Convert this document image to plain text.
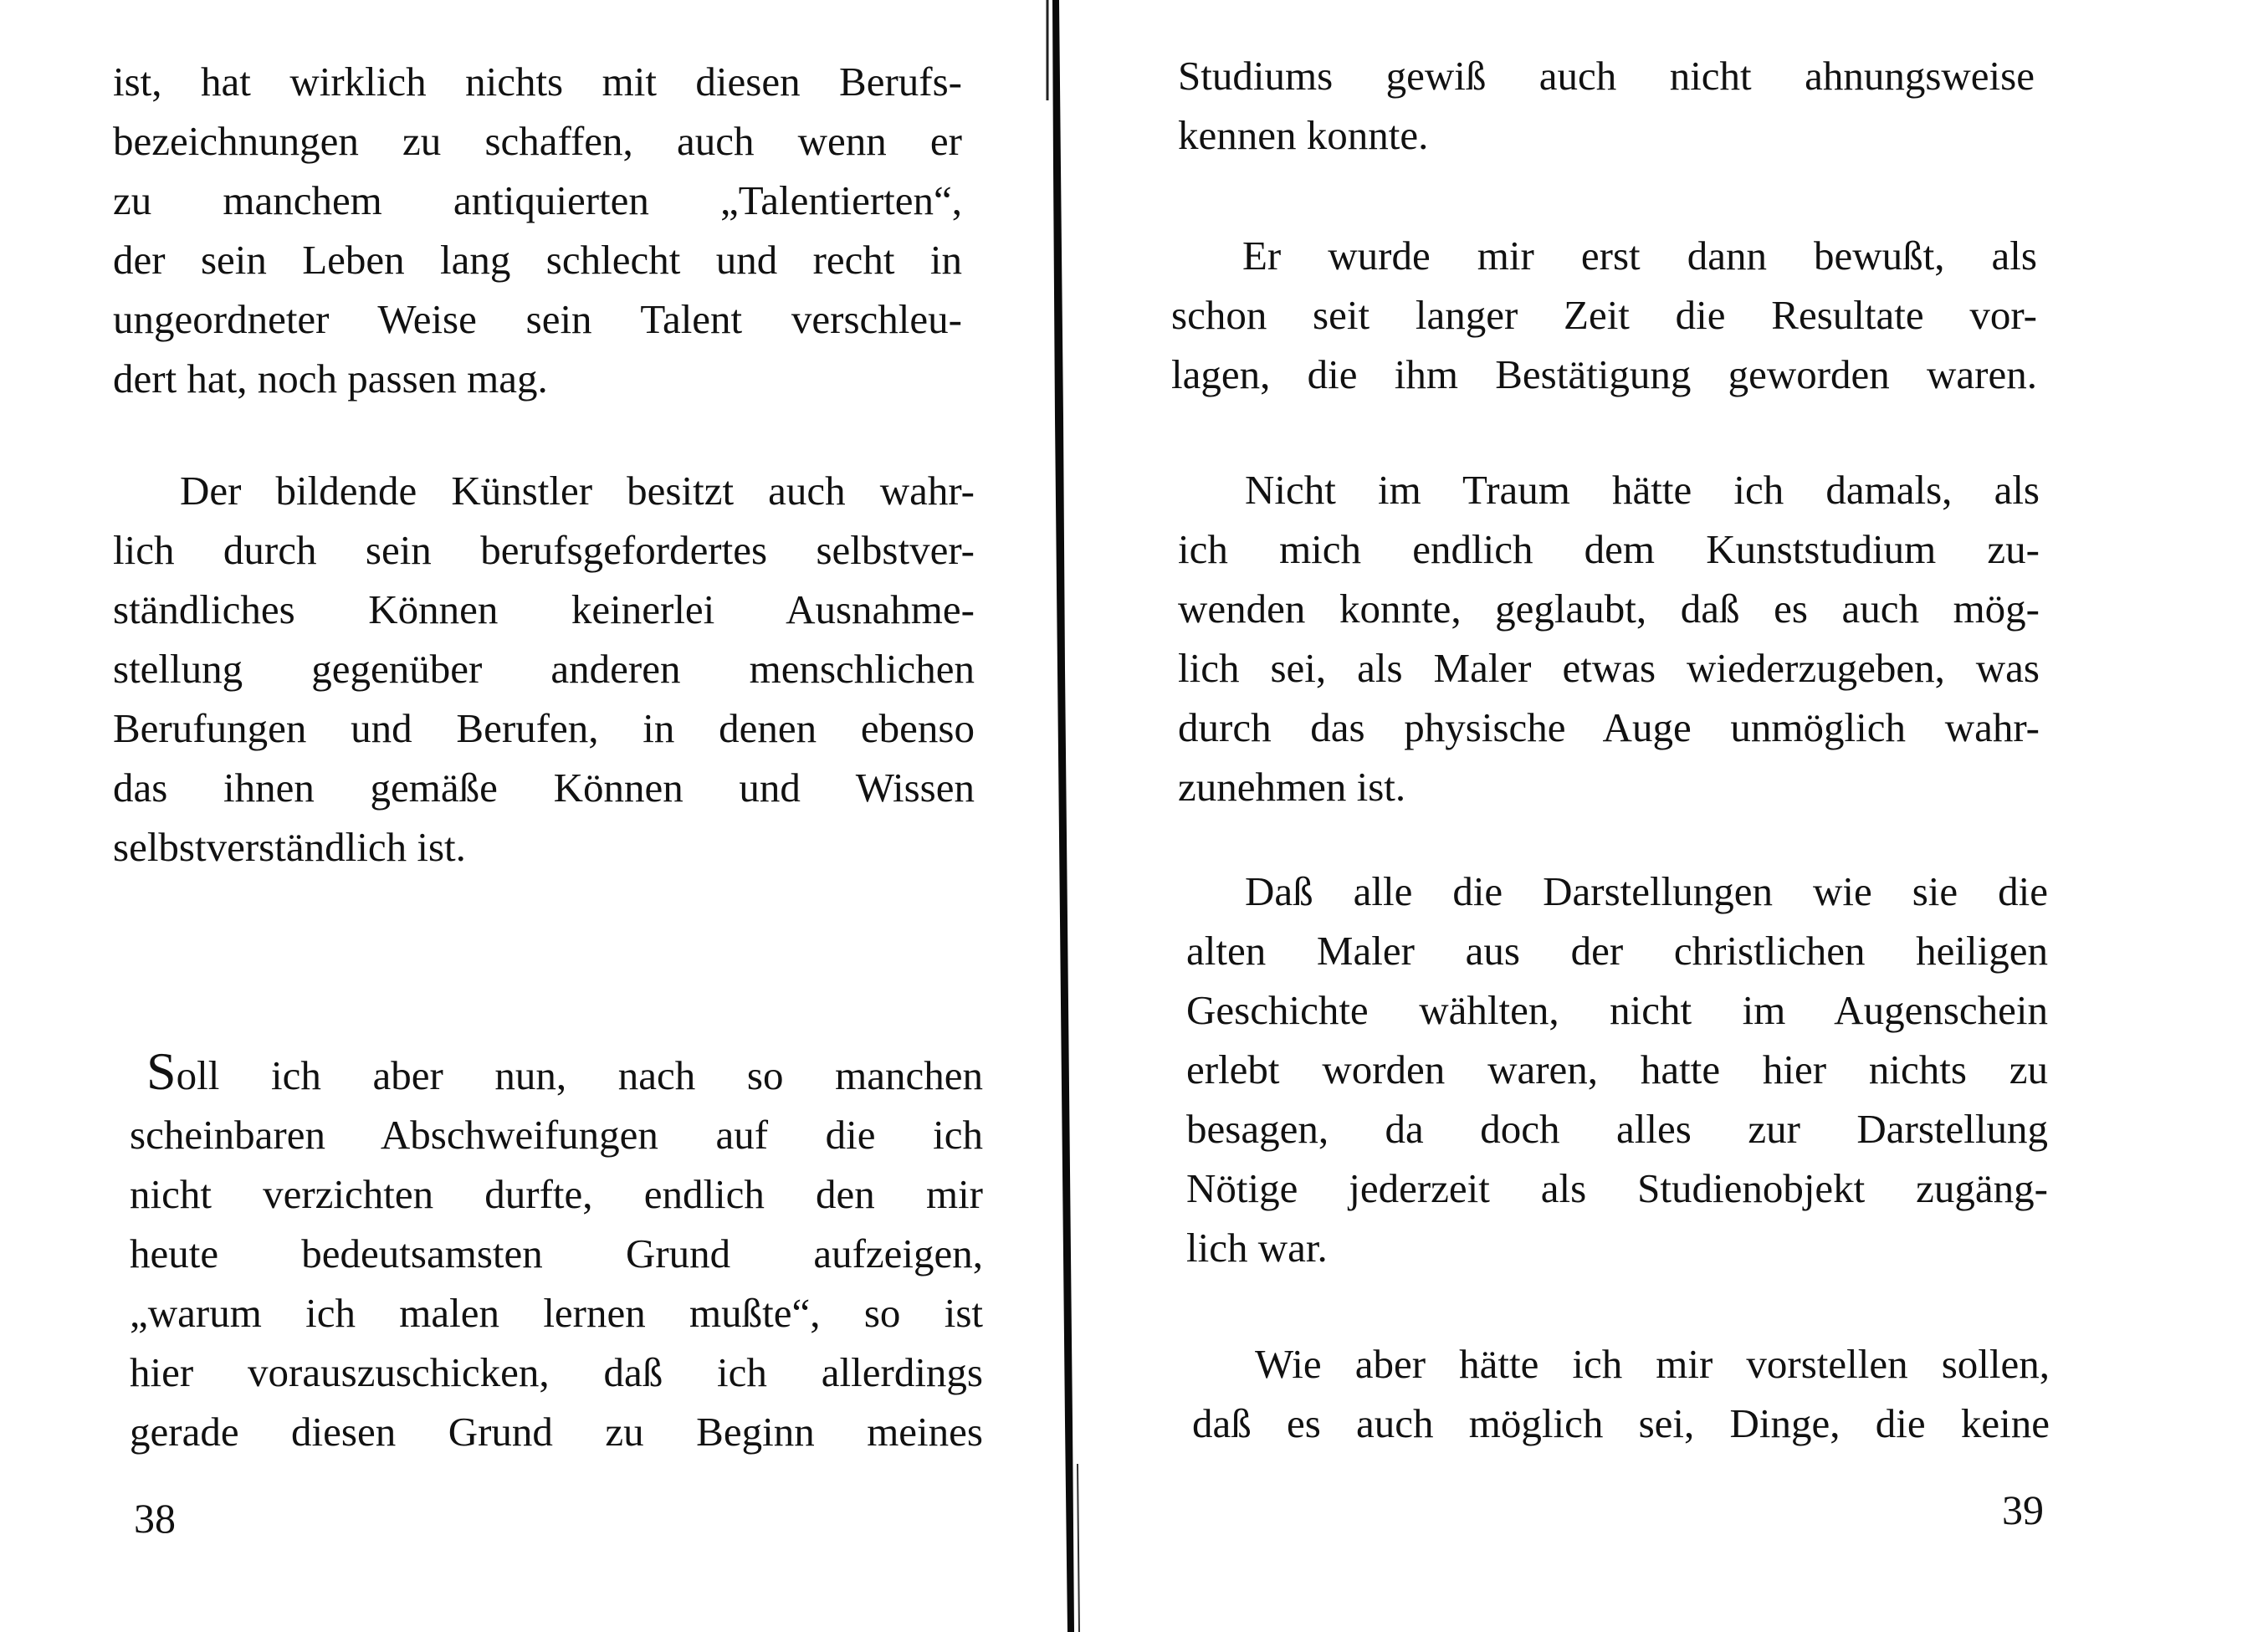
ist, hat wirklich nichts mit diesen Berufs-
bezeichnungen zu schaffen, auch wenn er
zu manchem antiquierten „Talentierten“,
der sein Leben lang schlecht und recht in
ungeordneter Weise sein Talent verschleu-
dert hat, noch passen mag.

Der bildende Künstler besitzt auch wahr-
lich durch sein berufsgefordertes selbstver-
ständliches Können keinerlei Ausnahme-
stellung gegenüber anderen menschlichen
Berufungen und Berufen, in denen ebenso
das ihnen gemäße Können und Wissen
selbstverständlich ist.

Soll ich aber nun, nach so manchen
scheinbaren Abschweifungen auf die ich
nicht verzichten durfte, endlich den mir
heute bedeutsamsten Grund aufzeigen,
„warum ich malen lernen mußte“, so ist
hier vorauszuschicken, daß ich allerdings
gerade diesen Grund zu Beginn meines

38

Studiums gewiß auch nicht ahnungsweise
kennen konnte.

Er wurde mir erst dann bewußt, als
schon seit langer Zeit die Resultate vor-
lagen, die ihm Bestätigung geworden waren.

Nicht im Traum hätte ich damals, als
ich mich endlich dem Kunststudium zu-
wenden konnte, geglaubt, daß es auch mög-
lich sei, als Maler etwas wiederzugeben, was
durch das physische Auge unmöglich wahr-
zunehmen ist.

Daß alle die Darstellungen wie sie die
alten Maler aus der christlichen heiligen
Geschichte wählten, nicht im Augenschein
erlebt worden waren, hatte hier nichts zu
besagen, da doch alles zur Darstellung
Nötige jederzeit als Studienobjekt zugäng-
lich war.

Wie aber hätte ich mir vorstellen sollen,
daß es auch möglich sei, Dinge, die keine

39
